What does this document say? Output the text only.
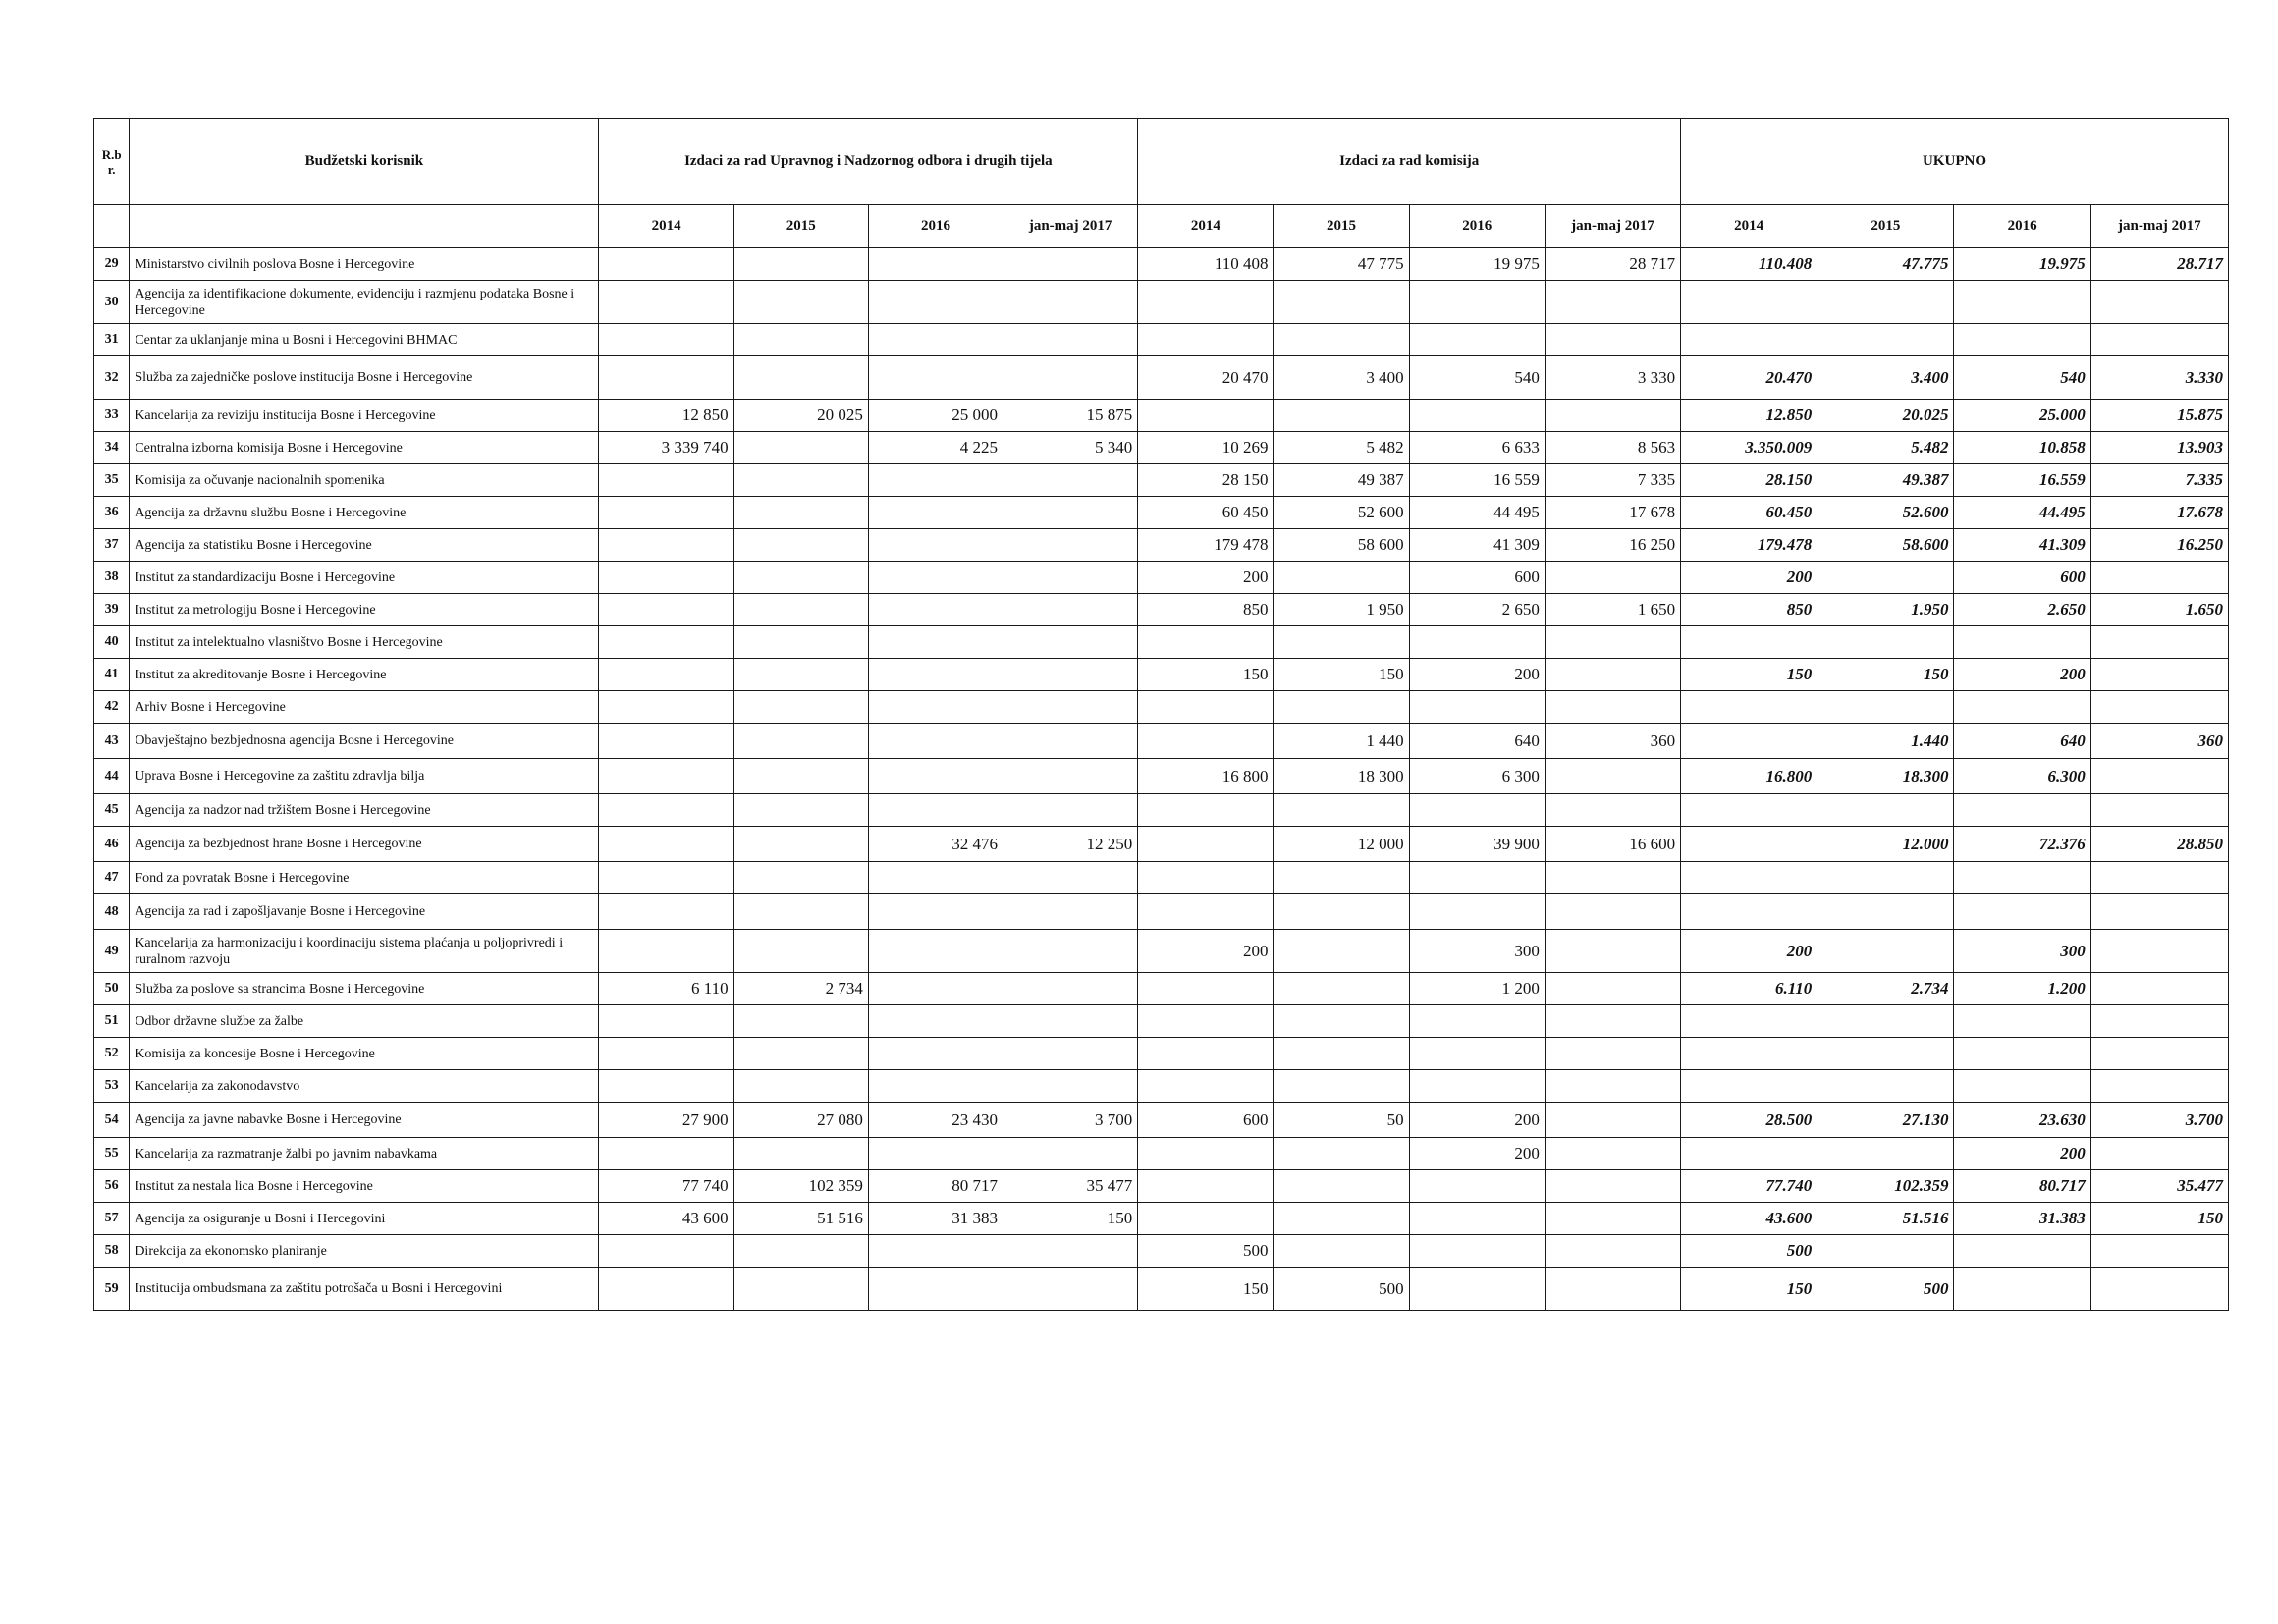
R.b r.	Budžetski korisnik	Izdaci za rad Upravnog i Nadzornog odbora i drugih tijela				Izdaci za rad komisija				UKUPNO			
		2014	2015	2016	jan-maj 2017	2014	2015	2016	jan-maj 2017	2014	2015	2016	jan-maj 2017
29	Ministarstvo civilnih poslova Bosne i Hercegovine					110 408	47 775	19 975	28 717	110.408	47.775	19.975	28.717
30	Agencija za identifikacione dokumente, evidenciju i razmjenu podataka Bosne i Hercegovine												
31	Centar za uklanjanje mina u Bosni i Hercegovini BHMAC												
32	Služba za zajedničke poslove institucija Bosne i Hercegovine					20 470	3 400	540	3 330	20.470	3.400	540	3.330
33	Kancelarija za reviziju institucija Bosne i Hercegovine	12 850	20 025	25 000	15 875					12.850	20.025	25.000	15.875
34	Centralna izborna komisija Bosne i Hercegovine	3 339 740		4 225	5 340	10 269	5 482	6 633	8 563	3.350.009	5.482	10.858	13.903
35	Komisija za očuvanje nacionalnih spomenika					28 150	49 387	16 559	7 335	28.150	49.387	16.559	7.335
36	Agencija za državnu službu Bosne i Hercegovine					60 450	52 600	44 495	17 678	60.450	52.600	44.495	17.678
37	Agencija za statistiku Bosne i Hercegovine					179 478	58 600	41 309	16 250	179.478	58.600	41.309	16.250
38	Institut za standardizaciju Bosne i Hercegovine					200		600		200		600	
39	Institut za metrologiju Bosne i Hercegovine					850	1 950	2 650	1 650	850	1.950	2.650	1.650
40	Institut za intelektualno vlasništvo Bosne i Hercegovine												
41	Institut za akreditovanje Bosne i Hercegovine					150	150	200		150	150	200	
42	Arhiv Bosne i Hercegovine												
43	Obavještajno bezbjednosna agencija Bosne i Hercegovine						1 440	640	360		1.440	640	360
44	Uprava Bosne i Hercegovine za zaštitu zdravlja bilja					16 800	18 300	6 300		16.800	18.300	6.300	
45	Agencija za nadzor nad tržištem Bosne i Hercegovine												
46	Agencija za bezbjednost hrane Bosne i Hercegovine			32 476	12 250		12 000	39 900	16 600		12.000	72.376	28.850
47	Fond za povratak Bosne i Hercegovine												
48	Agencija za rad i zapošljavanje Bosne i Hercegovine												
49	Kancelarija za harmonizaciju i koordinaciju sistema plaćanja u poljoprivredi i ruralnom razvoju					200		300		200		300	
50	Služba za poslove sa strancima Bosne i Hercegovine	6 110	2 734					1 200		6.110	2.734	1.200	
51	Odbor državne službe za žalbe												
52	Komisija za koncesije Bosne i Hercegovine												
53	Kancelarija za zakonodavstvo												
54	Agencija za javne nabavke Bosne i Hercegovine	27 900	27 080	23 430	3 700	600	50	200		28.500	27.130	23.630	3.700
55	Kancelarija za razmatranje žalbi po javnim nabavkama							200				200	
56	Institut za nestala lica Bosne i Hercegovine	77 740	102 359	80 717	35 477					77.740	102.359	80.717	35.477
57	Agencija za osiguranje u Bosni i Hercegovini	43 600	51 516	31 383	150					43.600	51.516	31.383	150
58	Direkcija za ekonomsko planiranje					500				500			
59	Institucija ombudsmana za zaštitu potrošača u Bosni i Hercegovini					150	500			150	500		
